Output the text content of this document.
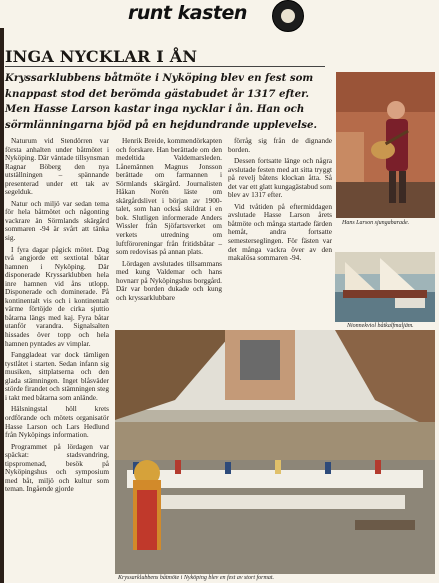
runt kasten
INGA NYCKLAR I ÅN

Kryssarklubbens båtmöte i Nyköping blev en fest som knappast stod det berömda gästabudet år 1317 efter. Men Hasse Larson kastar inga nycklar i ån. Han och sörmlänningarna bjöd på en hejdundrande upplevelse.

Naturum vid Stendörren var första anhalten under båtmötet i Nyköping. Där väntade tillsynsman Ragnar Böberg den nya utställningen – spännande presenterad under ett tak av segelduk.

Natur och miljö var sedan tema för hela båtmötet och någonting vackrare än Sörmlands skärgård sommaren -94 är svårt att tänka sig.

I fyra dagar pågick mötet. Dag två angjorde ett sextiotal båtar hamnen i Nyköping. Där disponerade Kryssarklubben hela inre hamnen vid åns utlopp. Disponerade och dominerade. På kontinentalt vis och i kontinentalt värme förtöjde de cirka sjuttio båtarna längs med kaj. Fyra båtar utanför varandra. Signalsalten hissades över topp och hela hamnen pyntades av vimplar.

Fanggladeat var dock tämligen tystlåtet i starten. Sedan infann sig musiken, sittplatserna och den glada stämningen. Inget blåsväder störde firandet och stämningen steg i takt med båtarna som anlände.

Hälsningstal höll krets ordförande och mötets organisatör Hasse Larson och Lars Hedlund från Nyköpings information.

Programmet på lördagen var späckat: stadsvandring, tipspromenad, besök på Nyköpingshus och symposium med båt, miljö och kultur som teman. Ingående gjorde

Henrik Breide, kommendörkapten och forskare. Han berättade om den medeltida Valdemarsleden. Lånemännen Magnus Jonsson berättade om farmannen i Sörmlands skärgård. Journalisten Håkan Norén läste om skärgårdslivet i början av 1900-talet, som han också skildrat i en bok. Slutligen informerade Anders Wissler från Sjöfartsverket om verkets utredning om luftföroreningar från fritidsbåtar – som redovisas på annan plats.

Lördagen avslutades tillsammans med kung Valdemar och hans hovnarr på Nyköpingshus borggård. Där var borden dukade och kung och kryssarklubbare

förråg sig från de dignande borden.

Dessen fortsatte länge och några avslutade festen med att sitta tryggt på revelj båtens klockan åtta. Så det var ett glatt kungagästabud som blev av 1317 efter.

Vid tvåtiden på eftermiddagen avslutade Hasse Larson årets båtmöte och många startade färden hemåt, andra fortsatte semesterseglingen. För fästen var det många vackra över av den makalösa sommaren -94.

Hans Larson sjungabarade.
Nionnekviol båtkalfmaljäm.
Kryssarklubbens båtmöte i Nyköping blev en fest av stort format.
